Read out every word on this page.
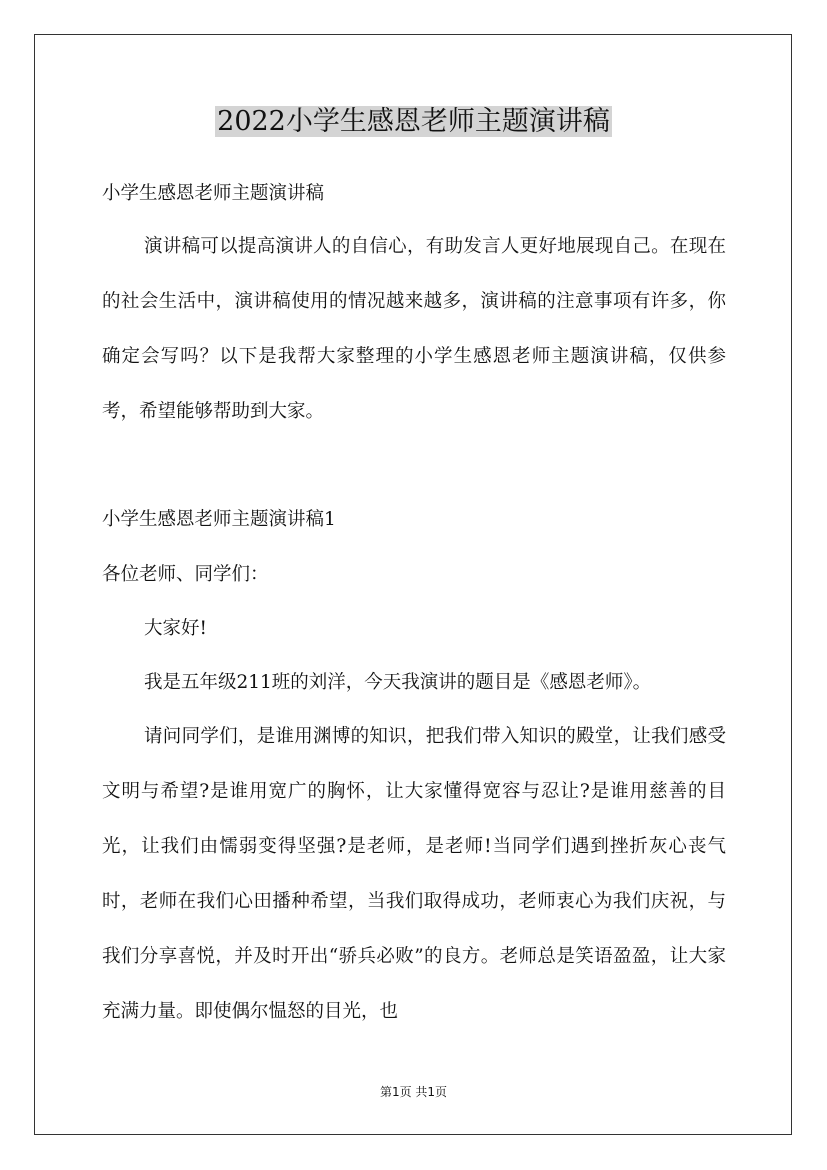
2022小学生感恩老师主题演讲稿

小学生感恩老师主题演讲稿

演讲稿可以提高演讲人的自信心，有助发言人更好地展现自己。在现在的社会生活中，演讲稿使用的情况越来越多，演讲稿的注意事项有许多，你确定会写吗？以下是我帮大家整理的小学生感恩老师主题演讲稿，仅供参考，希望能够帮助到大家。

小学生感恩老师主题演讲稿1

各位老师、同学们：

大家好!

我是五年级211班的刘洋，今天我演讲的题目是《感恩老师》。

请问同学们，是谁用渊博的知识，把我们带入知识的殿堂，让我们感受文明与希望?是谁用宽广的胸怀，让大家懂得宽容与忍让?是谁用慈善的目光，让我们由懦弱变得坚强?是老师，是老师!当同学们遇到挫折灰心丧气时，老师在我们心田播种希望，当我们取得成功，老师衷心为我们庆祝，与我们分享喜悦，并及时开出“骄兵必败”的良方。老师总是笑语盈盈，让大家充满力量。即使偶尔愠怒的目光，也

第1页 共1页
